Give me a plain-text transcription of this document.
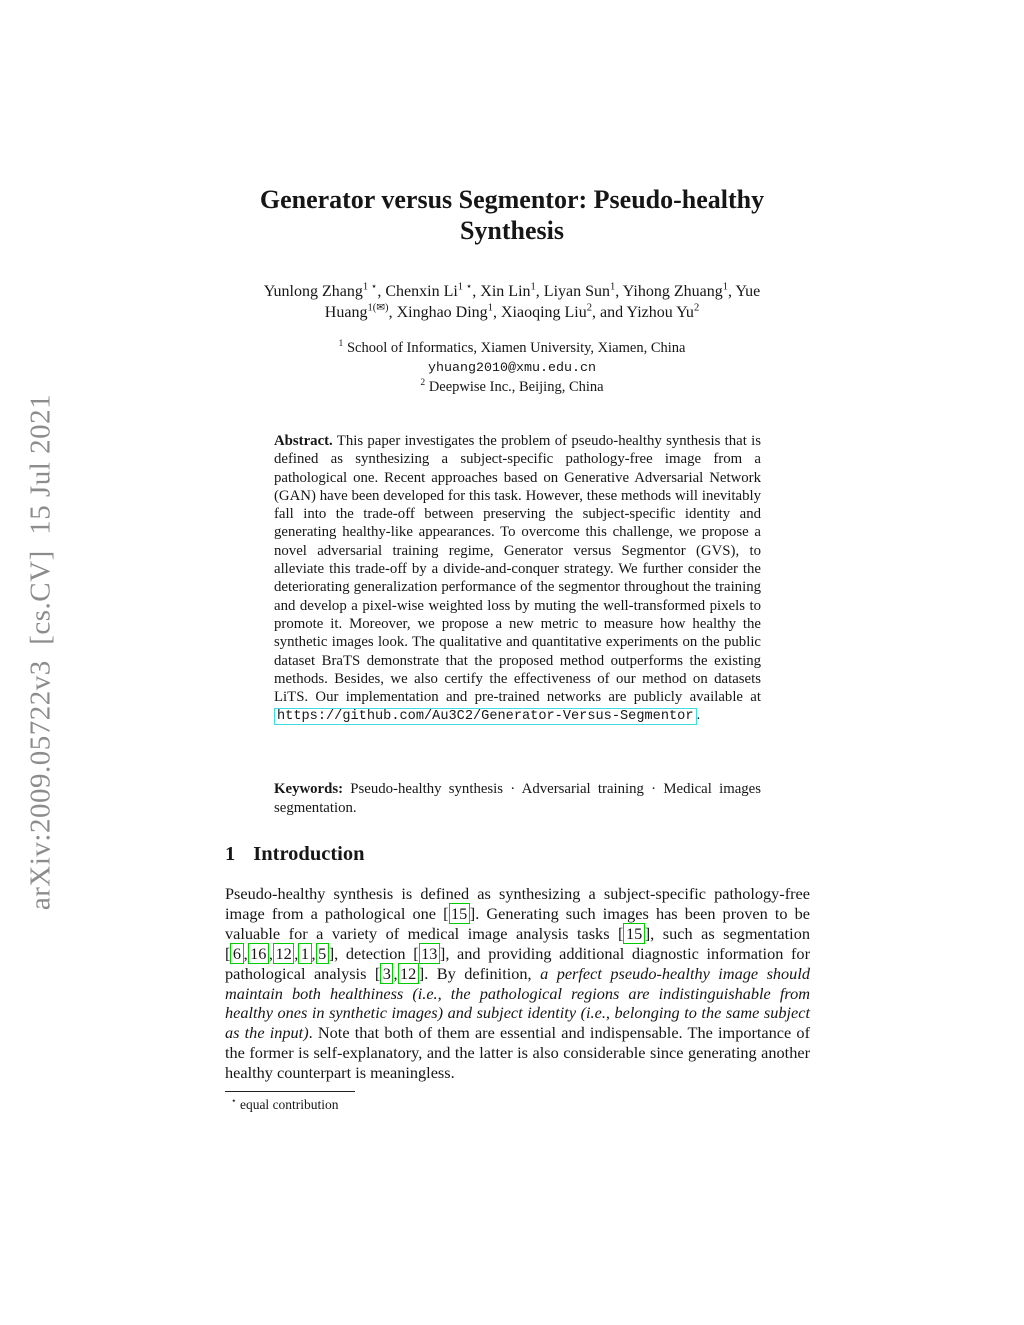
arXiv:2009.05722v3  [cs.CV]  15 Jul 2021
Generator versus Segmentor: Pseudo-healthy
Synthesis
Yunlong Zhang$^{1 ⋆}$, Chenxin $Li^{1 ⋆}$, Xin Lin$^1$, Liyan Sun$^1$, Yihong Zhuang$^1$, Yue
Huang$^{1(✉)}$, Xinghao Ding$^1$, Xiaoqing Liu$^2$, and Yizhou Yu$^2$
$^1$ School of Informatics, Xiamen University, Xiamen, China
yhuang2010@xmu.edu.cn
$^2$ Deepwise Inc., Beijing, China
Abstract. This paper investigates the problem of pseudo-healthy synthesis that is defined as synthesizing a subject-specific pathology-free image from a pathological one. Recent approaches based on Generative Adversarial Network (GAN) have been developed for this task. However, these methods will inevitably fall into the trade-off between preserving the subject-specific identity and generating healthy-like appearances. To overcome this challenge, we propose a novel adversarial training regime, Generator versus Segmentor (GVS), to alleviate this trade-off by a divide-and-conquer strategy. We further consider the deteriorating generalization performance of the segmentor throughout the training and develop a pixel-wise weighted loss by muting the well-transformed pixels to promote it. Moreover, we propose a new metric to measure how healthy the synthetic images look. The qualitative and quantitative experiments on the public dataset BraTS demonstrate that the proposed method outperforms the existing methods. Besides, we also certify the effectiveness of our method on datasets LiTS. Our implementation and pre-trained networks are publicly available at https://github.com/Au3C2/Generator-Versus-Segmentor .
Keywords: Pseudo-healthy synthesis · Adversarial training · Medical images segmentation.
1 Introduction
Pseudo-healthy synthesis is defined as synthesizing a subject-specific pathology-free image from a pathological one [ 15 ]. Generating such images has been proven to be valuable for a variety of medical image analysis tasks [ 15 ], such as segmentation [ 6 , 16 , 12 , 1 , 5 ], detection [ 13 ], and providing additional diagnostic information for pathological analysis [ 3 , 12 ]. By definition, a perfect pseudo-healthy image should maintain both healthiness (i.e., the pathological regions are indistinguishable from healthy ones in synthetic images) and subject identity (i.e., belonging to the same subject as the input). Note that both of them are essential and indispensable. The importance of the former is self-explanatory, and the latter is also considerable since generating another healthy counterpart is meaningless.
⋆ equal contribution
